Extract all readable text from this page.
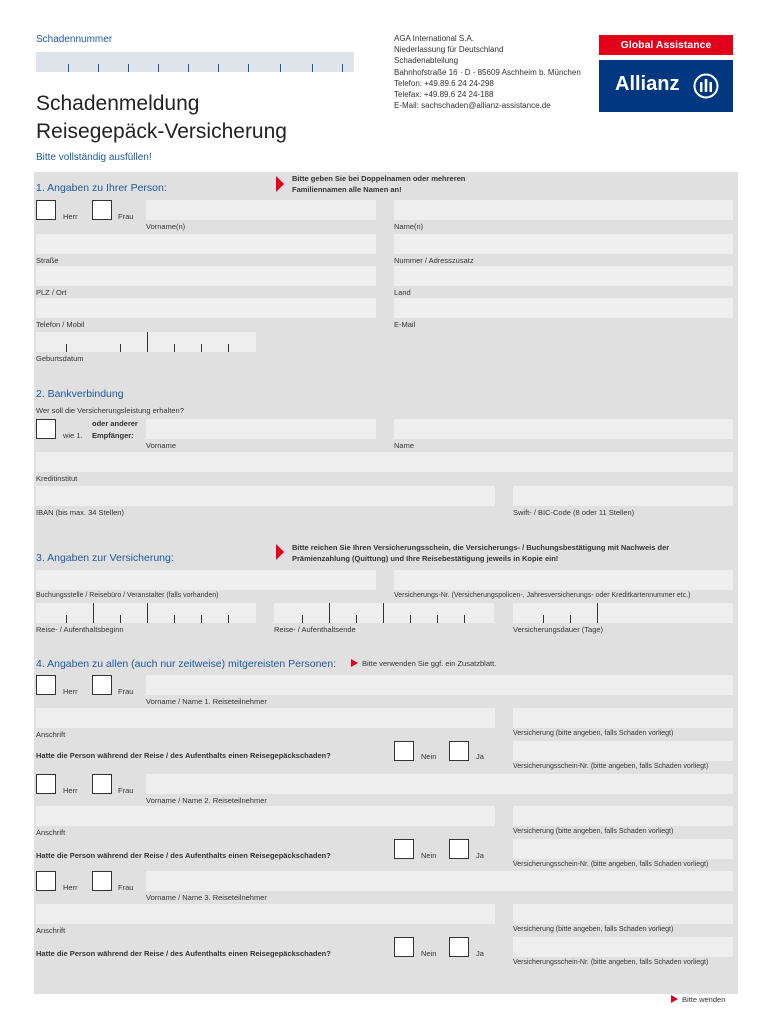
Schadennummer
Schadenmeldung
Reisegepäck-Versicherung
Bitte vollständig ausfüllen!
AGA International S.A.
Niederlassung für Deutschland
Schadenabteilung
Bahnhofstraße 16 · D - 85609 Aschheim b. München
Telefon: +49.89.6 24 24-298
Telefax: +49.89.6 24 24-188
E-Mail: sachschaden@allianz-assistance.de
Global Assistance
Allianz
1. Angaben zu Ihrer Person:
Bitte geben Sie bei Doppelnamen oder mehreren Familiennamen alle Namen an!
Herr	Frau
Vorname(n)	Name(n)
Straße	Nummer / Adresszusatz
PLZ / Ort	Land
Telefon / Mobil	E-Mail
Geburtsdatum
2. Bankverbindung
Wer soll die Versicherungsleistung erhalten?
wie 1.
oder anderer
Empfänger:
Vorname	Name
Kreditinstitut
IBAN (bis max. 34 Stellen)	Swift- / BIC-Code (8 oder 11 Stellen)
3. Angaben zur Versicherung:
Bitte reichen Sie Ihren Versicherungsschein, die Versicherungs- / Buchungsbestätigung mit Nachweis der Prämienzahlung (Quittung) und Ihre Reisebestätigung jeweils in Kopie ein!
Buchungsstelle / Reisebüro / Veranstalter (falls vorhanden)	Versicherungs-Nr. (Versicherungspolicen-, Jahresversicherungs- oder Kreditkartennummer etc.)
Reise- / Aufenthaltsbeginn	Reise- / Aufenthaltsende	Versicherungsdauer (Tage)
4. Angaben zu allen (auch nur zeitweise) mitgereisten Personen:	Bitte verwenden Sie ggf. ein Zusatzblatt.
Herr	Frau
Vorname / Name 1. Reiseteilnehmer
Anschrift	Versicherung (bitte angeben, falls Schaden vorliegt)
Hatte die Person während der Reise / des Aufenthalts einen Reisegepäckschaden?	Nein	Ja
Versicherungsschein-Nr. (bitte angeben, falls Schaden vorliegt)
Herr	Frau
Vorname / Name 2. Reiseteilnehmer
Anschrift	Versicherung (bitte angeben, falls Schaden vorliegt)
Hatte die Person während der Reise / des Aufenthalts einen Reisegepäckschaden?	Nein	Ja
Versicherungsschein-Nr. (bitte angeben, falls Schaden vorliegt)
Herr	Frau
Vorname / Name 3. Reiseteilnehmer
Anschrift	Versicherung (bitte angeben, falls Schaden vorliegt)
Hatte die Person während der Reise / des Aufenthalts einen Reisegepäckschaden?	Nein	Ja
Versicherungsschein-Nr. (bitte angeben, falls Schaden vorliegt)
Bitte wenden
